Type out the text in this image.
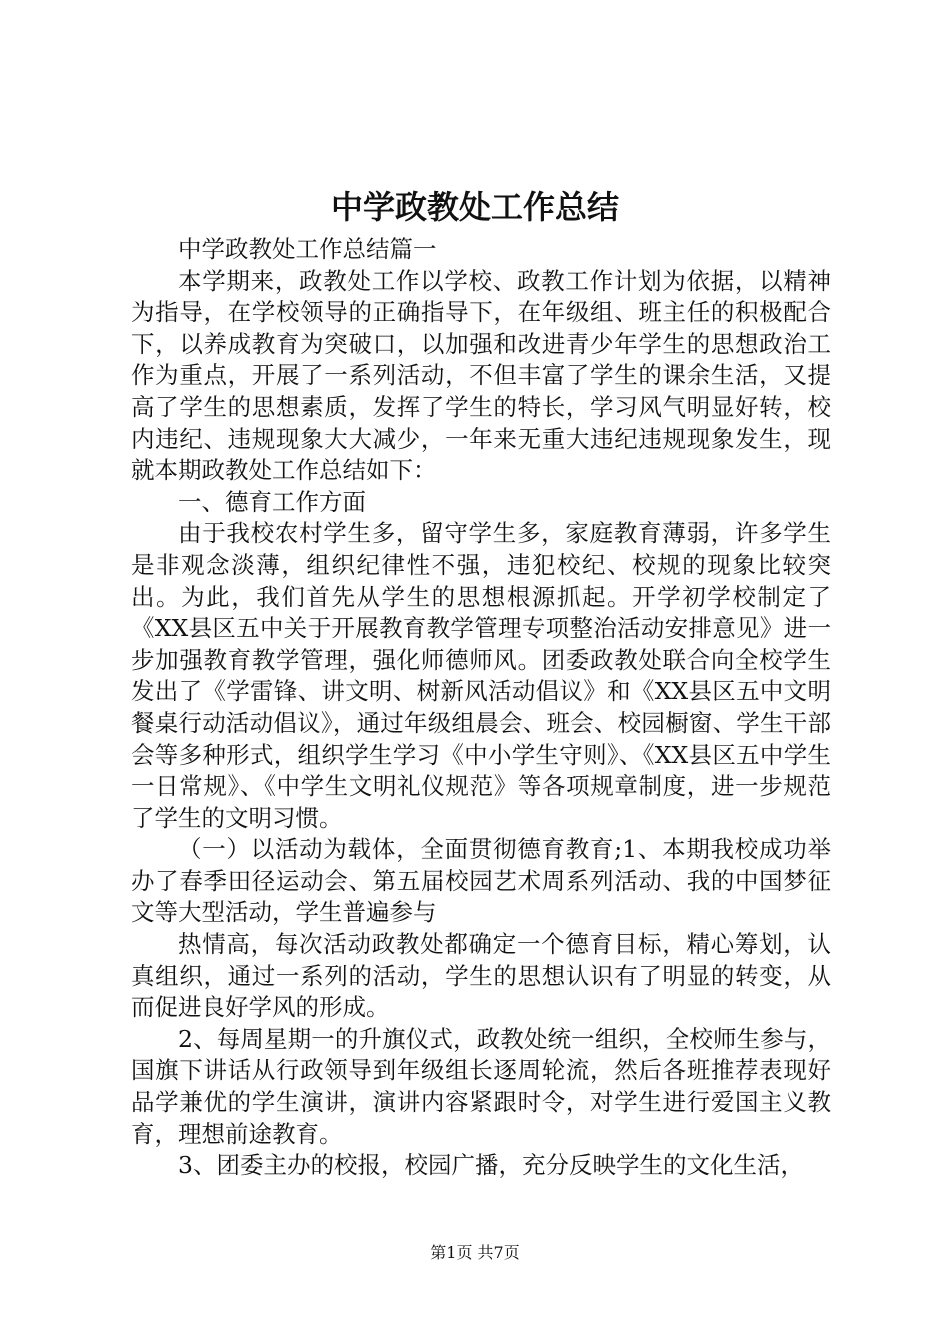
中学政教处工作总结

中学政教处工作总结篇一

本学期来，政教处工作以学校、政教工作计划为依据，以精神为指导，在学校领导的正确指导下，在年级组、班主任的积极配合下，以养成教育为突破口，以加强和改进青少年学生的思想政治工作为重点，开展了一系列活动，不但丰富了学生的课余生活，又提高了学生的思想素质，发挥了学生的特长，学习风气明显好转，校内违纪、违规现象大大减少，一年来无重大违纪违规现象发生，现就本期政教处工作总结如下：

一、德育工作方面

由于我校农村学生多，留守学生多，家庭教育薄弱，许多学生是非观念淡薄，组织纪律性不强，违犯校纪、校规的现象比较突出。为此，我们首先从学生的思想根源抓起。开学初学校制定了《XX县区五中关于开展教育教学管理专项整治活动安排意见》进一步加强教育教学管理，强化师德师风。团委政教处联合向全校学生发出了《学雷锋、讲文明、树新风活动倡议》和《XX县区五中文明餐桌行动活动倡议》，通过年级组晨会、班会、校园橱窗、学生干部会等多种形式，组织学生学习《中小学生守则》、《XX县区五中学生一日常规》、《中学生文明礼仪规范》等各项规章制度，进一步规范了学生的文明习惯。

（一）以活动为载体，全面贯彻德育教育;1、本期我校成功举办了春季田径运动会、第五届校园艺术周系列活动、我的中国梦征文等大型活动，学生普遍参与

热情高，每次活动政教处都确定一个德育目标，精心筹划，认真组织，通过一系列的活动，学生的思想认识有了明显的转变，从而促进良好学风的形成。

2、每周星期一的升旗仪式，政教处统一组织，全校师生参与，国旗下讲话从行政领导到年级组长逐周轮流，然后各班推荐表现好品学兼优的学生演讲，演讲内容紧跟时令，对学生进行爱国主义教育，理想前途教育。

3、团委主办的校报，校园广播，充分反映学生的文化生活，

第1页 共7页
